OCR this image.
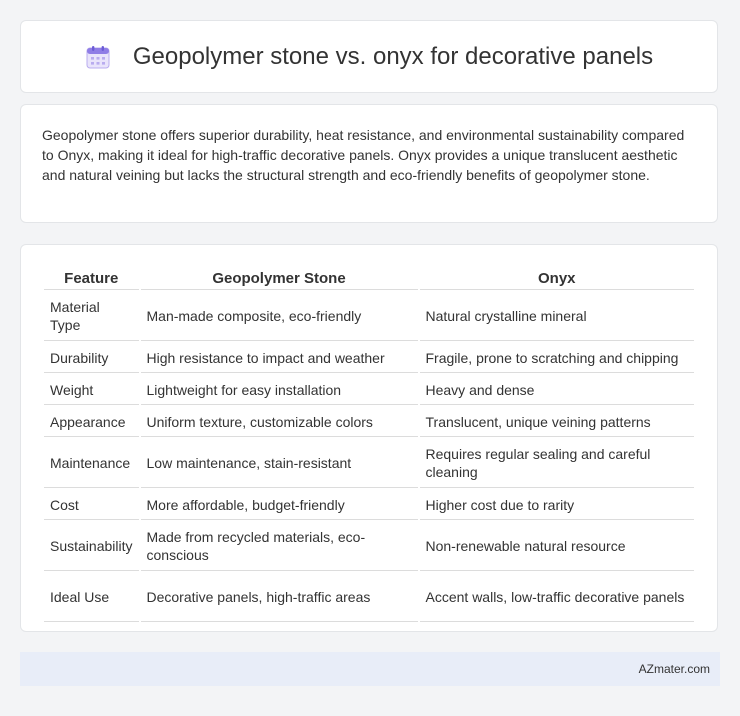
Geopolymer stone vs. onyx for decorative panels

Geopolymer stone offers superior durability, heat resistance, and environmental sustainability compared to Onyx, making it ideal for high-traffic decorative panels. Onyx provides a unique translucent aesthetic and natural veining but lacks the structural strength and eco-friendly benefits of geopolymer stone.

Feature	Geopolymer Stone	Onyx
Material Type	Man-made composite, eco-friendly	Natural crystalline mineral
Durability	High resistance to impact and weather	Fragile, prone to scratching and chipping
Weight	Lightweight for easy installation	Heavy and dense
Appearance	Uniform texture, customizable colors	Translucent, unique veining patterns
Maintenance	Low maintenance, stain-resistant	Requires regular sealing and careful cleaning
Cost	More affordable, budget-friendly	Higher cost due to rarity
Sustainability	Made from recycled materials, eco-conscious	Non-renewable natural resource
Ideal Use	Decorative panels, high-traffic areas	Accent walls, low-traffic decorative panels
AZmater.com
